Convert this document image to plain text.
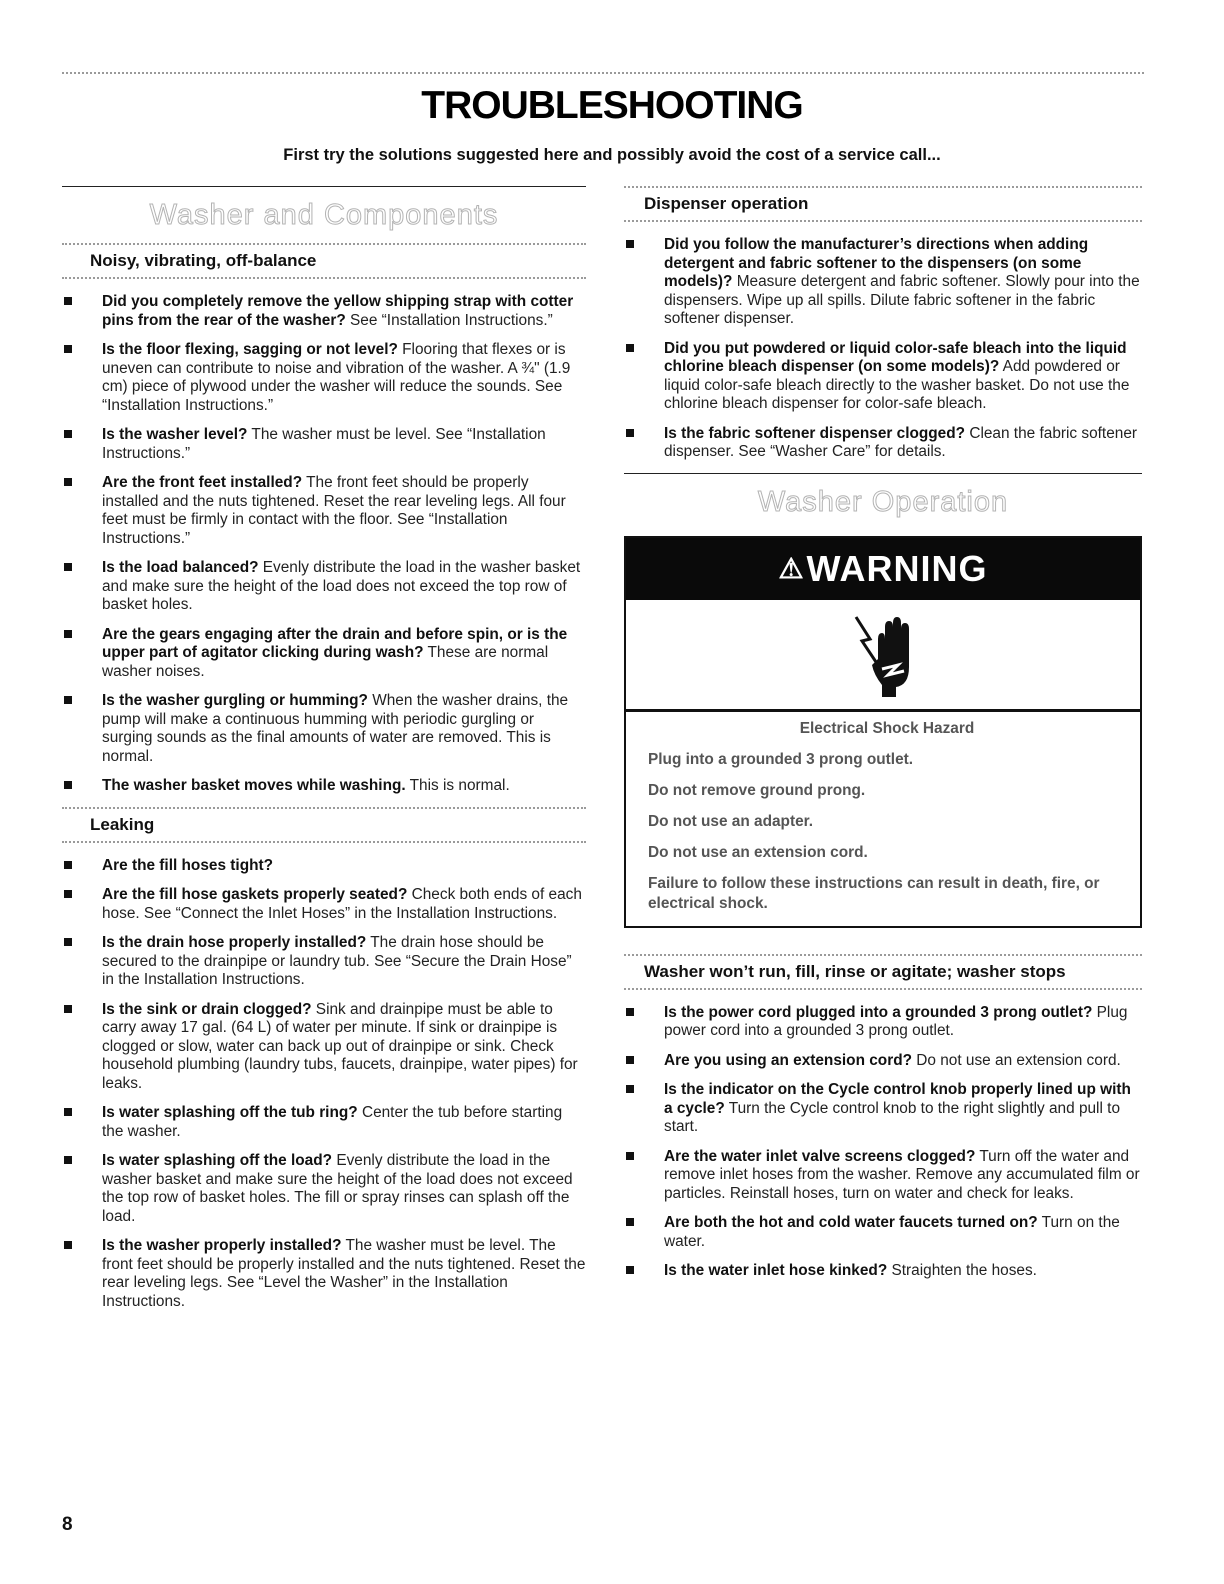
TROUBLESHOOTING
First try the solutions suggested here and possibly avoid the cost of a service call...
Washer and Components
Noisy, vibrating, off-balance
Did you completely remove the yellow shipping strap with cotter pins from the rear of the washer? See “Installation Instructions.”
Is the floor flexing, sagging or not level? Flooring that flexes or is uneven can contribute to noise and vibration of the washer. A ¾" (1.9 cm) piece of plywood under the washer will reduce the sounds. See “Installation Instructions.”
Is the washer level? The washer must be level. See “Installation Instructions.”
Are the front feet installed? The front feet should be properly installed and the nuts tightened. Reset the rear leveling legs. All four feet must be firmly in contact with the floor. See “Installation Instructions.”
Is the load balanced? Evenly distribute the load in the washer basket and make sure the height of the load does not exceed the top row of basket holes.
Are the gears engaging after the drain and before spin, or is the upper part of agitator clicking during wash? These are normal washer noises.
Is the washer gurgling or humming? When the washer drains, the pump will make a continuous humming with periodic gurgling or surging sounds as the final amounts of water are removed. This is normal.
The washer basket moves while washing. This is normal.
Leaking
Are the fill hoses tight?
Are the fill hose gaskets properly seated? Check both ends of each hose. See “Connect the Inlet Hoses” in the Installation Instructions.
Is the drain hose properly installed? The drain hose should be secured to the drainpipe or laundry tub. See “Secure the Drain Hose” in the Installation Instructions.
Is the sink or drain clogged? Sink and drainpipe must be able to carry away 17 gal. (64 L) of water per minute. If sink or drainpipe is clogged or slow, water can back up out of drainpipe or sink. Check household plumbing (laundry tubs, faucets, drainpipe, water pipes) for leaks.
Is water splashing off the tub ring? Center the tub before starting the washer.
Is water splashing off the load? Evenly distribute the load in the washer basket and make sure the height of the load does not exceed the top row of basket holes. The fill or spray rinses can splash off the load.
Is the washer properly installed? The washer must be level. The front feet should be properly installed and the nuts tightened. Reset the rear leveling legs. See “Level the Washer” in the Installation Instructions.
Dispenser operation
Did you follow the manufacturer’s directions when adding detergent and fabric softener to the dispensers (on some models)? Measure detergent and fabric softener. Slowly pour into the dispensers. Wipe up all spills. Dilute fabric softener in the fabric softener dispenser.
Did you put powdered or liquid color-safe bleach into the liquid chlorine bleach dispenser (on some models)? Add powdered or liquid color-safe bleach directly to the washer basket. Do not use the chlorine bleach dispenser for color-safe bleach.
Is the fabric softener dispenser clogged? Clean the fabric softener dispenser. See “Washer Care” for details.
Washer Operation
⚠ WARNING
Electrical Shock Hazard
Plug into a grounded 3 prong outlet.
Do not remove ground prong.
Do not use an adapter.
Do not use an extension cord.
Failure to follow these instructions can result in death, fire, or electrical shock.
Washer won’t run, fill, rinse or agitate; washer stops
Is the power cord plugged into a grounded 3 prong outlet? Plug power cord into a grounded 3 prong outlet.
Are you using an extension cord? Do not use an extension cord.
Is the indicator on the Cycle control knob properly lined up with a cycle? Turn the Cycle control knob to the right slightly and pull to start.
Are the water inlet valve screens clogged? Turn off the water and remove inlet hoses from the washer. Remove any accumulated film or particles. Reinstall hoses, turn on water and check for leaks.
Are both the hot and cold water faucets turned on? Turn on the water.
Is the water inlet hose kinked? Straighten the hoses.
8
